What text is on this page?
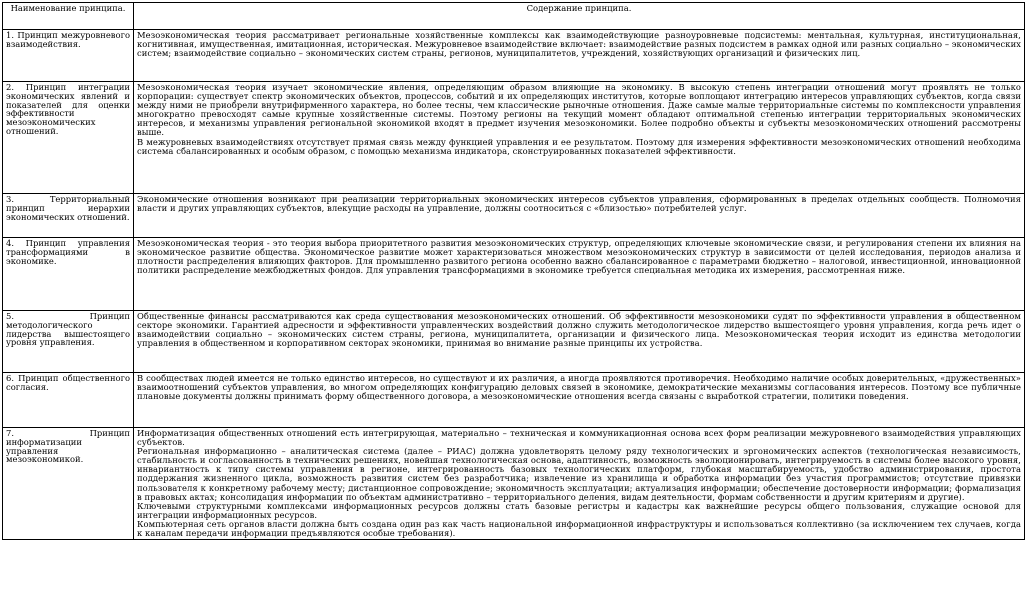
Наименование принципа.	Содержание принципа.
1. Принцип межуровневого взаимодействия.	Мезоэкономическая теория рассматривает региональные хозяйственные комплексы как взаимодействующие разноуровневые подсистемы: ментальная, культурная, институциональная, когнитивная, имущественная, имитационная, историческая. Межуровневое взаимодействие включает: взаимодействие разных подсистем в рамках одной или разных социально – экономических систем; взаимодействие социально – экономических систем страны, регионов, муниципалитетов, учреждений, хозяйствующих организаций и физических лиц.

2. Принцип интеграции экономических явлений и показателей для оценки эффективности мезоэкономических отношений.	Мезоэкономическая теория изучает экономические явления, определяющим образом влияющие на экономику. В высокую степень интеграции отношений могут проявлять не только корпорации: существует спектр экономических объектов, процессов, событий и их определяющих институтов, которые воплощают интеграцию интересов управляющих субъектов, когда связи между ними не приобрели внутрифирменного характера, но более тесны, чем классические рыночные отношения. Даже самые малые территориальные системы по комплексности управления многократно превосходят самые крупные хозяйственные системы. Поэтому регионы на текущий момент обладают оптимальной степенью интеграции территориальных экономических интересов, и механизмы управления региональной экономикой входят в предмет изучения мезоэкономики. Более подробно объекты и субъекты мезоэкономических отношений рассмотрены выше.

В межуровневых взаимодействиях отсутствует прямая связь между функцией управления и ее результатом. Поэтому для измерения эффективности мезоэкономических отношений необходима система сбалансированных и особым образом, с помощью механизма индикатора, сконструированных показателей эффективности.

3. Территориальный принцип иерархии экономических отношений.	Экономические отношения возникают при реализации территориальных экономических интересов субъектов управления, сформированных в пределах отдельных сообществ. Полномочия власти и других управляющих субъектов, влекущие расходы на управление, должны соотноситься с «близостью» потребителей услуг.

4. Принцип управления трансформациями в экономике.	Мезоэкономическая теория - это теория выбора приоритетного развития мезоэкономических структур, определяющих ключевые экономические связи, и регулирования степени их влияния на экономическое развитие общества. Экономическое развитие может характеризоваться множеством мезоэкономических структур в зависимости от целей исследования, периодов анализа и плотности распределения влияющих факторов. Для промышленно развитого региона особенно важно сбалансированное с параметрами бюджетно – налоговой, инвестиционной, инновационной политики распределение межбюджетных фондов. Для управления трансформациями в экономике требуется специальная методика их измерения, рассмотренная ниже.

5. Принцип методологического лидерства вышестоящего уровня управления.	Общественные финансы рассматриваются как среда существования мезоэкономических отношений. Об эффективности мезоэкономики судят по эффективности управления в общественном секторе экономики. Гарантией адресности и эффективности управленческих воздействий должно служить методологическое лидерство вышестоящего уровня управления, когда речь идет о взаимодействии социально – экономических систем страны, региона, муниципалитета, организации и физического лица. Мезоэкономическая теория исходит из единства методологии управления в общественном и корпоративном секторах экономики, принимая во внимание разные принципы их устройства.

6. Принцип общественного согласия.	В сообществах людей имеется не только единство интересов, но существуют и их различия, а иногда проявляются противоречия. Необходимо наличие особых доверительных, «дружественных» взаимоотношений субъектов управления, во многом определяющих конфигурацию деловых связей в экономике, демократические механизмы согласования интересов. Поэтому все публичные плановые документы должны принимать форму общественного договора, а мезоэкономические отношения всегда связаны с выработкой стратегии, политики поведения.

7. Принцип информатизации управления мезоэкономикой.	Информатизация общественных отношений есть интегрирующая, материально – техническая и коммуникационная основа всех форм реализации межуровневого взаимодействия управляющих субъектов.

Региональная информационно – аналитическая система (далее – РИАС) должна удовлетворять целому ряду технологических и эргономических аспектов (технологическая независимость, стабильность и согласованность в технических решениях, новейшая технологическая основа, адаптивность, возможность эволюционировать, интегрируемость в системы более высокого уровня, инвариантность к типу системы управления в регионе, интегрированность базовых технологических платформ, глубокая масштабируемость, удобство администрирования, простота поддержания жизненного цикла, возможность развития систем без разработчика; извлечение из хранилища и обработка информации без участия программистов; отсутствие привязки пользователя к конкретному рабочему месту; дистанционное сопровождение; экономичность эксплуатации; актуализация информации; обеспечение достоверности информации; формализация в правовых актах; консолидация информации по объектам административно – территориального деления, видам деятельности, формам собственности и другим критериям и другие).

Ключевыми структурными комплексами информационных ресурсов должны стать базовые регистры и кадастры как важнейшие ресурсы общего пользования, служащие основой для интеграции информационных ресурсов.

Компьютерная сеть органов власти должна быть создана один раз как часть национальной информационной инфраструктуры и использоваться коллективно (за исключением тех случаев, когда к каналам передачи информации предъявляются особые требования).
